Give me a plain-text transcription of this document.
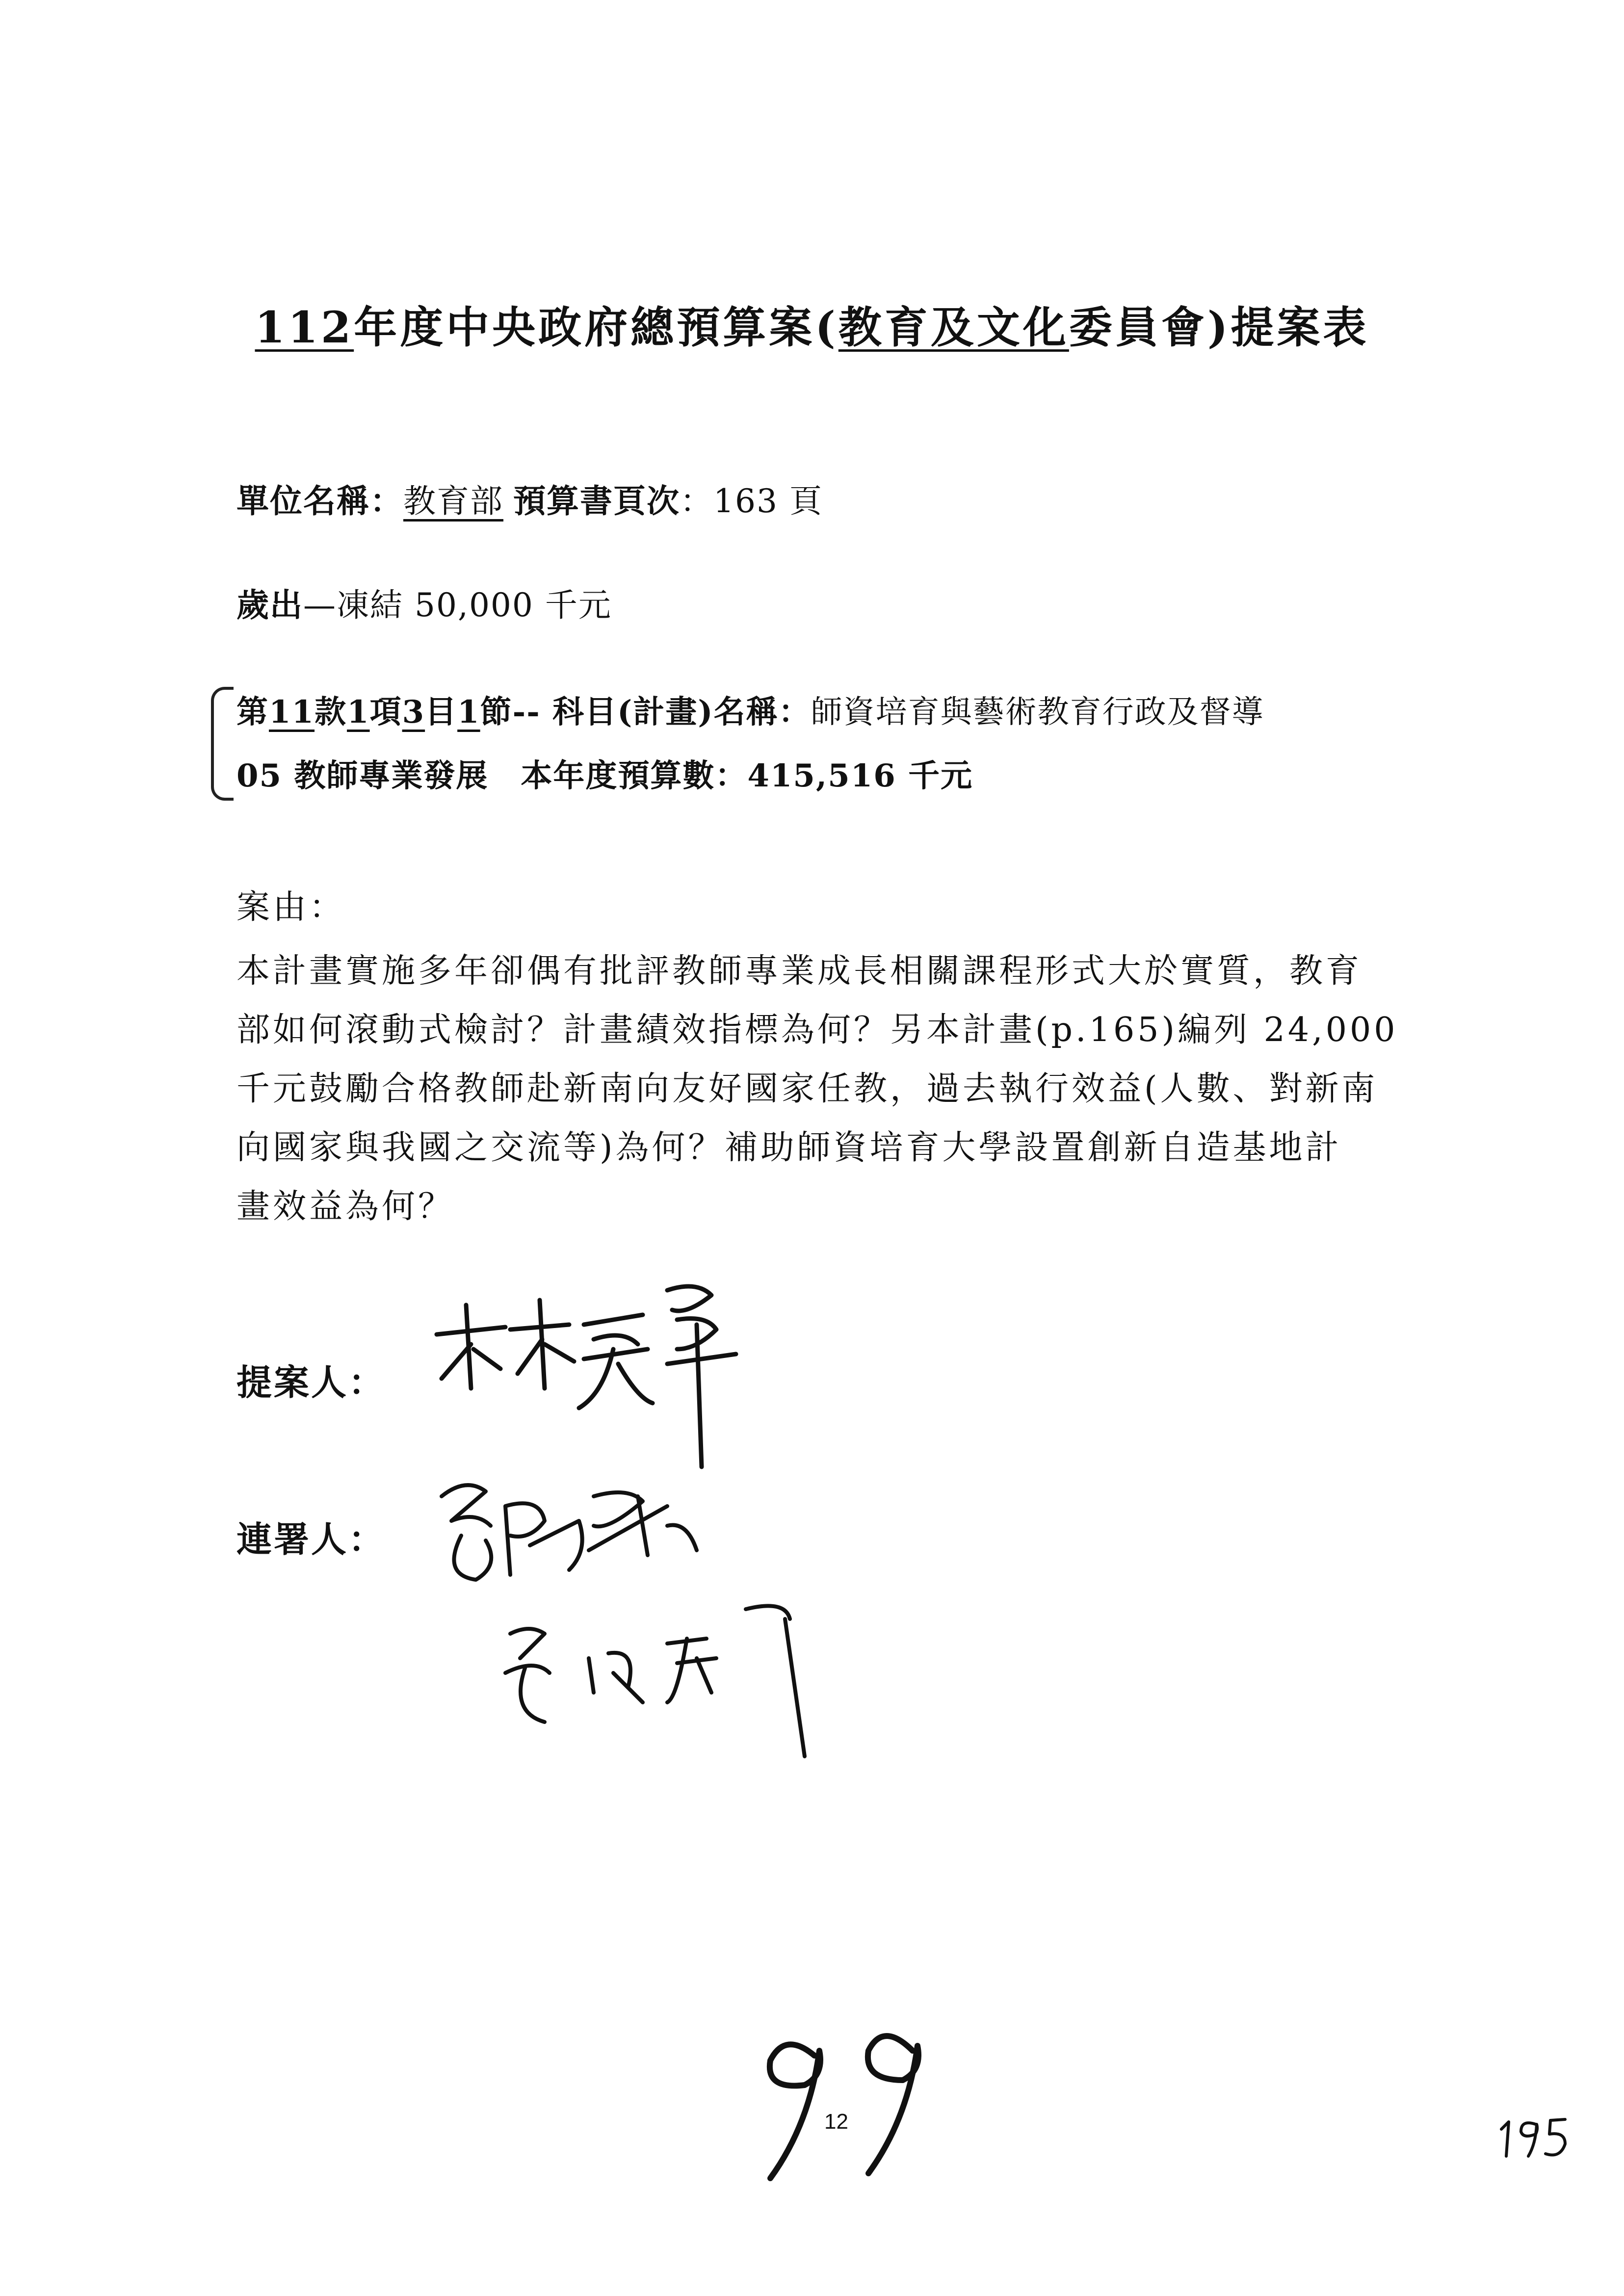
112年度中央政府總預算案(教育及文化委員會)提案表
單位名稱：教育部 預算書頁次：163 頁
歲出—凍結 50,000 千元
第11款1項3目1節-- 科目(計畫)名稱：師資培育與藝術教育行政及督導
05 教師專業發展　本年度預算數：415,516 千元
案由：
本計畫實施多年卻偶有批評教師專業成長相關課程形式大於實質，教育
部如何滾動式檢討？計畫績效指標為何？另本計畫(p.165)編列 24,000
千元鼓勵合格教師赴新南向友好國家任教，過去執行效益(人數、對新南
向國家與我國之交流等)為何？補助師資培育大學設置創新自造基地計
畫效益為何？
提案人：
連署人：
12
